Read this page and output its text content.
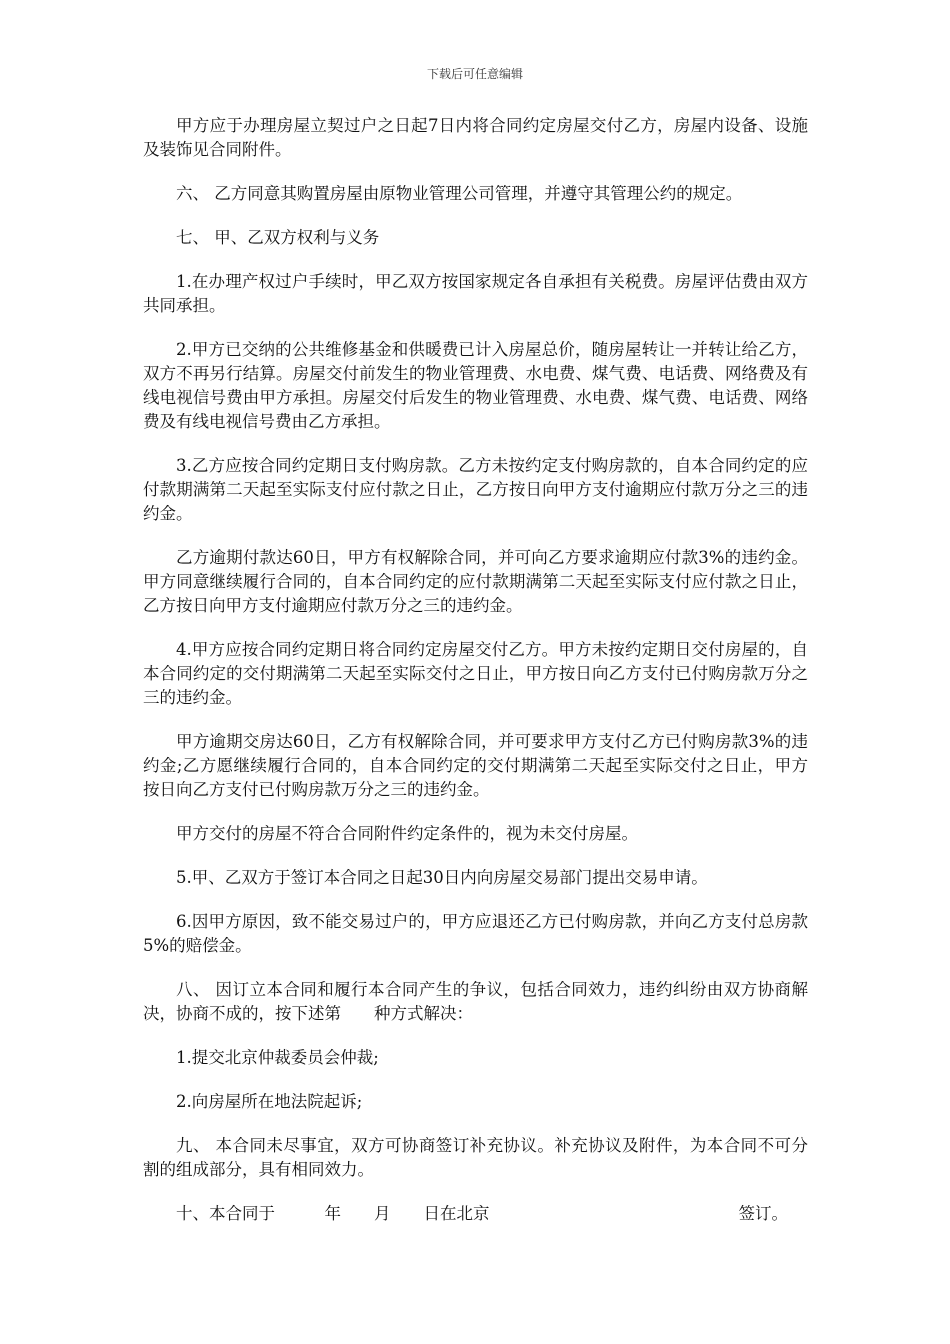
下载后可任意编辑

甲方应于办理房屋立契过户之日起7日内将合同约定房屋交付乙方，房屋内设备、设施及装饰见合同附件。

六、 乙方同意其购置房屋由原物业管理公司管理，并遵守其管理公约的规定。

七、 甲、乙双方权利与义务

1.在办理产权过户手续时，甲乙双方按国家规定各自承担有关税费。房屋评估费由双方共同承担。

2.甲方已交纳的公共维修基金和供暖费已计入房屋总价，随房屋转让一并转让给乙方，双方不再另行结算。房屋交付前发生的物业管理费、水电费、煤气费、电话费、网络费及有线电视信号费由甲方承担。房屋交付后发生的物业管理费、水电费、煤气费、电话费、网络费及有线电视信号费由乙方承担。

3.乙方应按合同约定期日支付购房款。乙方未按约定支付购房款的，自本合同约定的应付款期满第二天起至实际支付应付款之日止，乙方按日向甲方支付逾期应付款万分之三的违约金。

乙方逾期付款达60日，甲方有权解除合同，并可向乙方要求逾期应付款3%的违约金。甲方同意继续履行合同的，自本合同约定的应付款期满第二天起至实际支付应付款之日止，乙方按日向甲方支付逾期应付款万分之三的违约金。

4.甲方应按合同约定期日将合同约定房屋交付乙方。甲方未按约定期日交付房屋的，自本合同约定的交付期满第二天起至实际交付之日止，甲方按日向乙方支付已付购房款万分之三的违约金。

甲方逾期交房达60日，乙方有权解除合同，并可要求甲方支付乙方已付购房款3%的违约金;乙方愿继续履行合同的，自本合同约定的交付期满第二天起至实际交付之日止，甲方按日向乙方支付已付购房款万分之三的违约金。

甲方交付的房屋不符合合同附件约定条件的，视为未交付房屋。

5.甲、乙双方于签订本合同之日起30日内向房屋交易部门提出交易申请。

6.因甲方原因，致不能交易过户的，甲方应退还乙方已付购房款，并向乙方支付总房款5%的赔偿金。

八、 因订立本合同和履行本合同产生的争议，包括合同效力，违约纠纷由双方协商解决，协商不成的，按下述第　　种方式解决：

1.提交北京仲裁委员会仲裁;

2.向房屋所在地法院起诉;

九、 本合同未尽事宜，双方可协商签订补充协议。补充协议及附件，为本合同不可分割的组成部分，具有相同效力。

十、本合同于　　　年　　月　　日在北京	签订。
